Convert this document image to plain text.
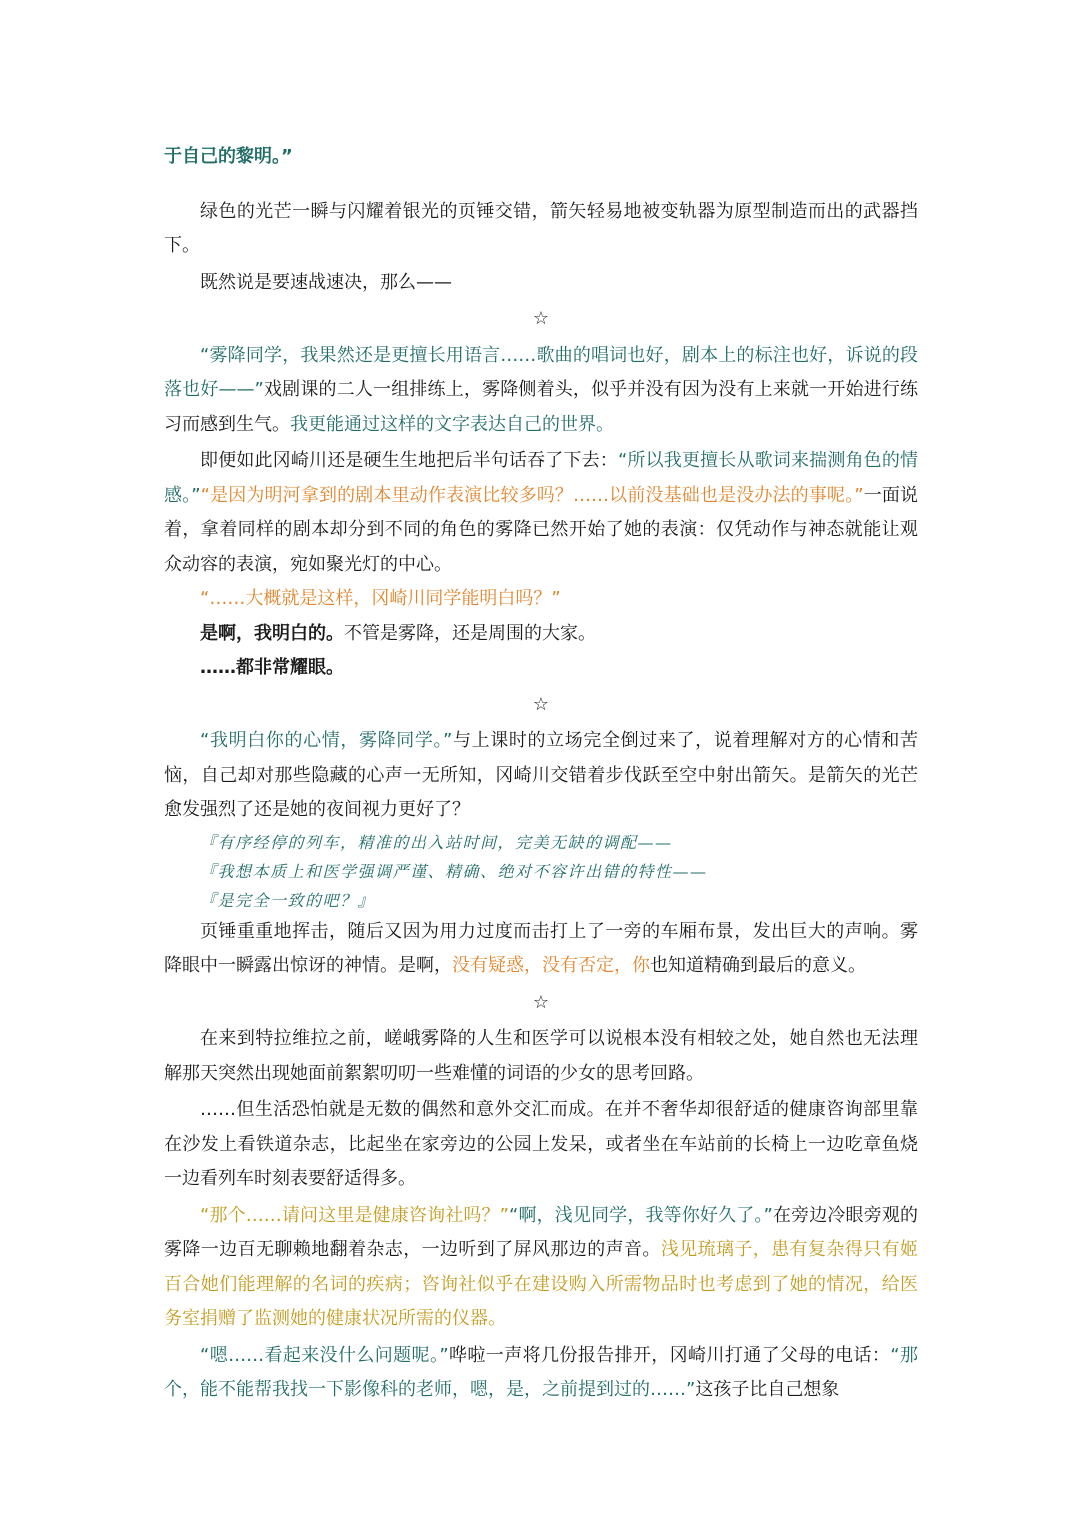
于自己的黎明。”

绿色的光芒一瞬与闪耀着银光的页锤交错，箭矢轻易地被变轨器为原型制造而出的武器挡下。

既然说是要速战速决，那么——

☆

“雾降同学，我果然还是更擅长用语言……歌曲的唱词也好，剧本上的标注也好，诉说的段落也好——”戏剧课的二人一组排练上，雾降侧着头，似乎并没有因为没有上来就一开始进行练习而感到生气。我更能通过这样的文字表达自己的世界。

即便如此冈崎川还是硬生生地把后半句话吞了下去：“所以我更擅长从歌词来揣测角色的情感。”“是因为明河拿到的剧本里动作表演比较多吗？……以前没基础也是没办法的事呢。”一面说着，拿着同样的剧本却分到不同的角色的雾降已然开始了她的表演：仅凭动作与神态就能让观众动容的表演，宛如聚光灯的中心。

“……大概就是这样，冈崎川同学能明白吗？”

是啊，我明白的。不管是雾降，还是周围的大家。

……都非常耀眼。

☆

“我明白你的心情，雾降同学。”与上课时的立场完全倒过来了，说着理解对方的心情和苦恼，自己却对那些隐藏的心声一无所知，冈崎川交错着步伐跃至空中射出箭矢。是箭矢的光芒愈发强烈了还是她的夜间视力更好了？

『有序经停的列车，精准的出入站时间，完美无缺的调配——

『我想本质上和医学强调严谨、精确、绝对不容许出错的特性——

『是完全一致的吧？』

页锤重重地挥击，随后又因为用力过度而击打上了一旁的车厢布景，发出巨大的声响。雾降眼中一瞬露出惊讶的神情。是啊，没有疑惑，没有否定，你也知道精确到最后的意义。

☆

在来到特拉维拉之前，嵯峨雾降的人生和医学可以说根本没有相较之处，她自然也无法理解那天突然出现她面前絮絮叨叨一些难懂的词语的少女的思考回路。

……但生活恐怕就是无数的偶然和意外交汇而成。在并不奢华却很舒适的健康咨询部里靠在沙发上看铁道杂志，比起坐在家旁边的公园上发呆，或者坐在车站前的长椅上一边吃章鱼烧一边看列车时刻表要舒适得多。

“那个……请问这里是健康咨询社吗？”“啊，浅见同学，我等你好久了。”在旁边冷眼旁观的雾降一边百无聊赖地翻着杂志，一边听到了屏风那边的声音。浅见琉璃子，患有复杂得只有姬百合她们能理解的名词的疾病；咨询社似乎在建设购入所需物品时也考虑到了她的情况，给医务室捐赠了监测她的健康状况所需的仪器。

“嗯……看起来没什么问题呢。”哗啦一声将几份报告排开，冈崎川打通了父母的电话：“那个，能不能帮我找一下影像科的老师，嗯，是，之前提到过的……”这孩子比自己想象
